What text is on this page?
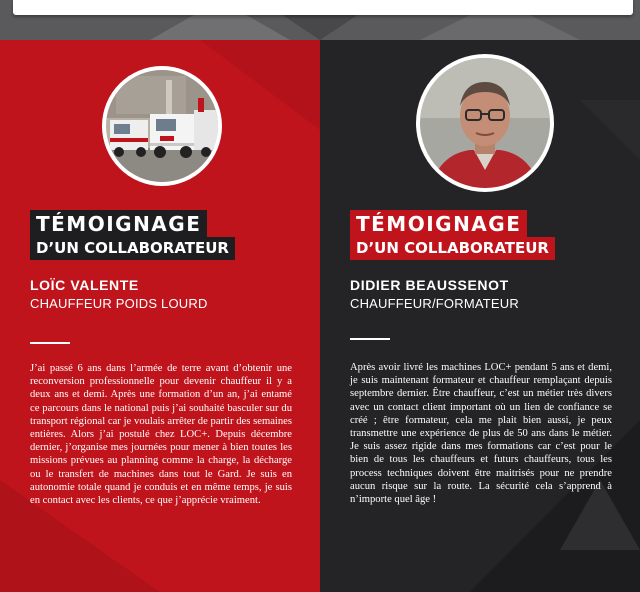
TÉMOIGNAGE
D’UN COLLABORATEUR
LOÏC VALENTE
CHAUFFEUR POIDS LOURD

J’ai passé 6 ans dans l’armée de terre avant d’obtenir une reconversion professionnelle pour devenir chauffeur il y a deux ans et demi. Après une formation d’un an, j’ai entamé ce parcours dans le national puis j’ai souhaité basculer sur du transport régional car je voulais arrêter de partir des semaines entières. Alors j’ai postulé chez LOC+. Depuis décembre dernier, j’organise mes journées pour mener à bien toutes les missions prévues au planning comme la charge, la décharge ou le transfert de machines dans tout le Gard. Je suis en autonomie totale quand je conduis et en même temps, je suis en contact avec les clients, ce que j’apprécie vraiment.

TÉMOIGNAGE
D’UN COLLABORATEUR
DIDIER BEAUSSENOT
CHAUFFEUR/FORMATEUR

Après avoir livré les machines LOC+ pendant 5 ans et demi, je suis maintenant formateur et chauffeur remplaçant depuis septembre dernier. Être chauffeur, c’est un métier très divers avec un contact client important où un lien de confiance se créé ; être formateur, cela me plait bien aussi, je peux transmettre une expérience de plus de 50 ans dans le métier. Je suis assez rigide dans mes formations car c’est pour le bien de tous les chauffeurs et futurs chauffeurs, tous les process techniques doivent être maitrisés pour ne prendre aucun risque sur la route. La sécurité cela s’apprend à n’importe quel âge !
